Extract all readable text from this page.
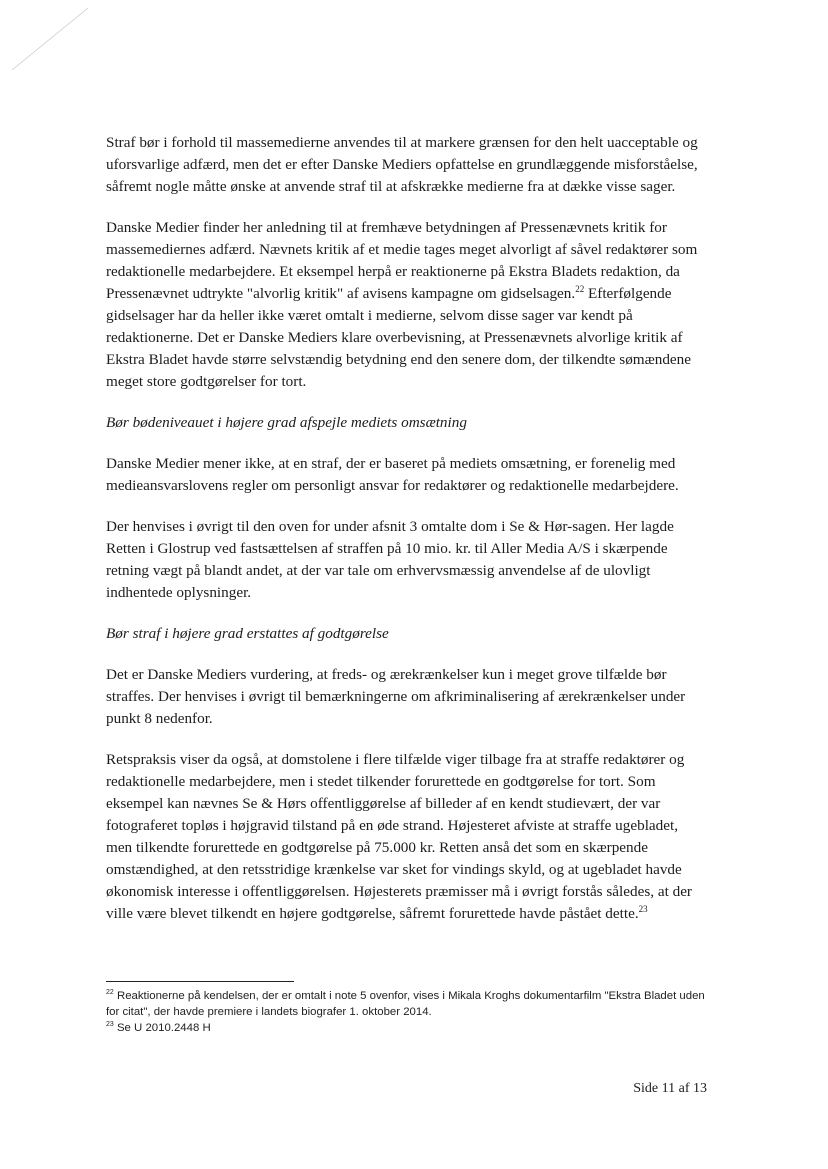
Straf bør i forhold til massemedierne anvendes til at markere grænsen for den helt uacceptable og uforsvarlige adfærd, men det er efter Danske Mediers opfattelse en grundlæggende misforståelse, såfremt nogle måtte ønske at anvende straf til at afskrække medierne fra at dække visse sager.

Danske Medier finder her anledning til at fremhæve betydningen af Pressenævnets kritik for massemediernes adfærd. Nævnets kritik af et medie tages meget alvorligt af såvel redaktører som redaktionelle medarbejdere. Et eksempel herpå er reaktionerne på Ekstra Bladets redaktion, da Pressenævnet udtrykte "alvorlig kritik" af avisens kampagne om gidselsagen.$^{22}$ Efterfølgende gidselsager har da heller ikke været omtalt i medierne, selvom disse sager var kendt på redaktionerne. Det er Danske Mediers klare overbevisning, at Pressenævnets alvorlige kritik af Ekstra Bladet havde større selvstændig betydning end den senere dom, der tilkendte sømændene meget store godtgørelser for tort.

Bør bødeniveauet i højere grad afspejle mediets omsætning

Danske Medier mener ikke, at en straf, der er baseret på mediets omsætning, er forenelig med medieansvarslovens regler om personligt ansvar for redaktører og redaktionelle medarbejdere.

Der henvises i øvrigt til den oven for under afsnit 3 omtalte dom i Se & Hør-sagen. Her lagde Retten i Glostrup ved fastsættelsen af straffen på 10 mio. kr. til Aller Media A/S i skærpende retning vægt på blandt andet, at der var tale om erhvervsmæssig anvendelse af de ulovligt indhentede oplysninger.

Bør straf i højere grad erstattes af godtgørelse

Det er Danske Mediers vurdering, at freds- og ærekrænkelser kun i meget grove tilfælde bør straffes. Der henvises i øvrigt til bemærkningerne om afkriminalisering af ærekrænkelser under punkt 8 nedenfor.

Retspraksis viser da også, at domstolene i flere tilfælde viger tilbage fra at straffe redaktører og redaktionelle medarbejdere, men i stedet tilkender forurettede en godtgørelse for tort. Som eksempel kan nævnes Se & Hørs offentliggørelse af billeder af en kendt studievært, der var fotograferet topløs i højgravid tilstand på en øde strand. Højesteret afviste at straffe ugebladet, men tilkendte forurettede en godtgørelse på 75.000 kr. Retten anså det som en skærpende omstændighed, at den retsstridige krænkelse var sket for vindings skyld, og at ugebladet havde økonomisk interesse i offentliggørelsen. Højesterets præmisser må i øvrigt forstås således, at der ville være blevet tilkendt en højere godtgørelse, såfremt forurettede havde påstået dette.$^{23}$

$^{22}$ Reaktionerne på kendelsen, der er omtalt i note 5 ovenfor, vises i Mikala Kroghs dokumentarfilm "Ekstra Bladet uden for citat", der havde premiere i landets biografer 1. oktober 2014.

$^{23}$ Se U 2010.2448 H

Side 11 af 13
